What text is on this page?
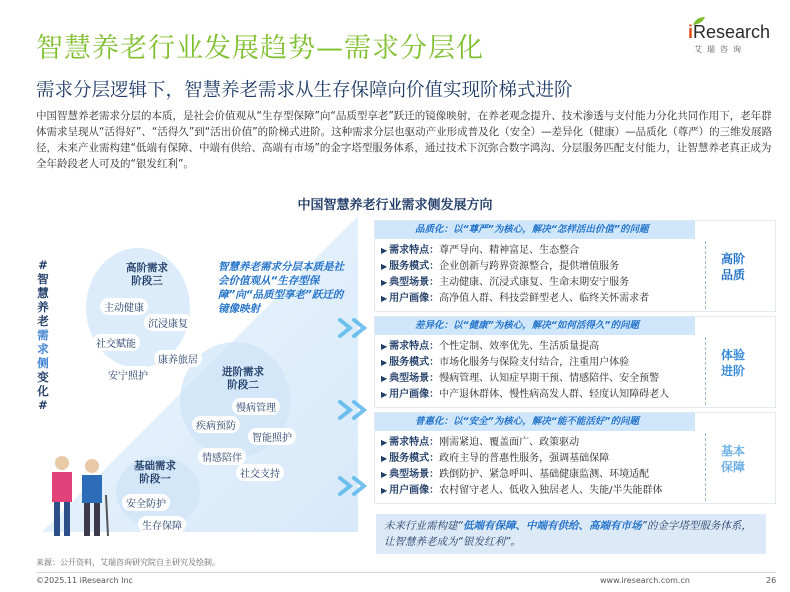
智慧养老行业发展趋势—需求分层化
iResearch
艾瑞咨询
需求分层逻辑下，智慧养老需求从生存保障向价值实现阶梯式进阶
中国智慧养老需求分层的本质，是社会价值观从“生存型保障”向“品质型享老”跃迁的镜像映射，在养老观念提升、技术渗透与支付能力分化共同作用下，老年群体需求呈现从“活得好”、“活得久”到“活出价值”的阶梯式进阶。这种需求分层也驱动产业形成普及化（安全）—差异化（健康）—品质化（尊严）的三维发展路径，未来产业需构建“低端有保障、中端有供给、高端有市场”的金字塔型服务体系，通过技术下沉弥合数字鸿沟、分层服务匹配支付能力，让智慧养老真正成为全年龄段老人可及的“银发红利”。
中国智慧养老行业需求侧发展方向
#
智
慧
养
老
需
求
侧
变
化
#
高阶需求
阶段三
主动健康
沉浸康复
社交赋能
康养旅居
安宁照护	进阶需求
阶段二
慢病管理
疾病预防
智能照护
情感陪伴
社交支持
基础需求
阶段一
安全防护
生存保障
智慧养老需求分层本质是社会价值观从“生存型保障”向“品质型享老”跃迁的镜像映射
品质化：以“尊严”为核心，解决“怎样活出价值”的问题
▶ 需求特点：尊严导向、精神富足、生态整合
▶ 服务模式：企业创新与跨界资源整合，提供增值服务
▶ 典型场景：主动健康、沉浸式康复、生命末期安宁服务
▶ 用户画像：高净值人群、科技尝鲜型老人、临终关怀需求者
高阶
品质
差异化：以“健康”为核心，解决“如何活得久”的问题
▶ 需求特点：个性定制、效率优先、生活质量提高
▶ 服务模式：市场化服务与保险支付结合，注重用户体验
▶ 典型场景：慢病管理、认知症早期干预、情感陪伴、安全预警
▶ 用户画像：中产退休群体、慢性病高发人群、轻度认知障碍老人
体验
进阶
普惠化：以“安全”为核心，解决“能不能活好”的问题
▶ 需求特点：刚需紧迫、覆盖面广、政策驱动
▶ 服务模式：政府主导的普惠性服务，强调基础保障
▶ 典型场景：跌倒防护、紧急呼叫、基础健康监测、环境适配
▶ 用户画像：农村留守老人、低收入独居老人、失能/半失能群体
基本
保障
未来行业需构建“低端有保障、中端有供给、高端有市场”的金字塔型服务体系，让智慧养老成为“银发红利”。
来源：公开资料，艾瑞咨询研究院自主研究及绘制。
©2025.11 iResearch Inc	www.iresearch.com.cn	26
